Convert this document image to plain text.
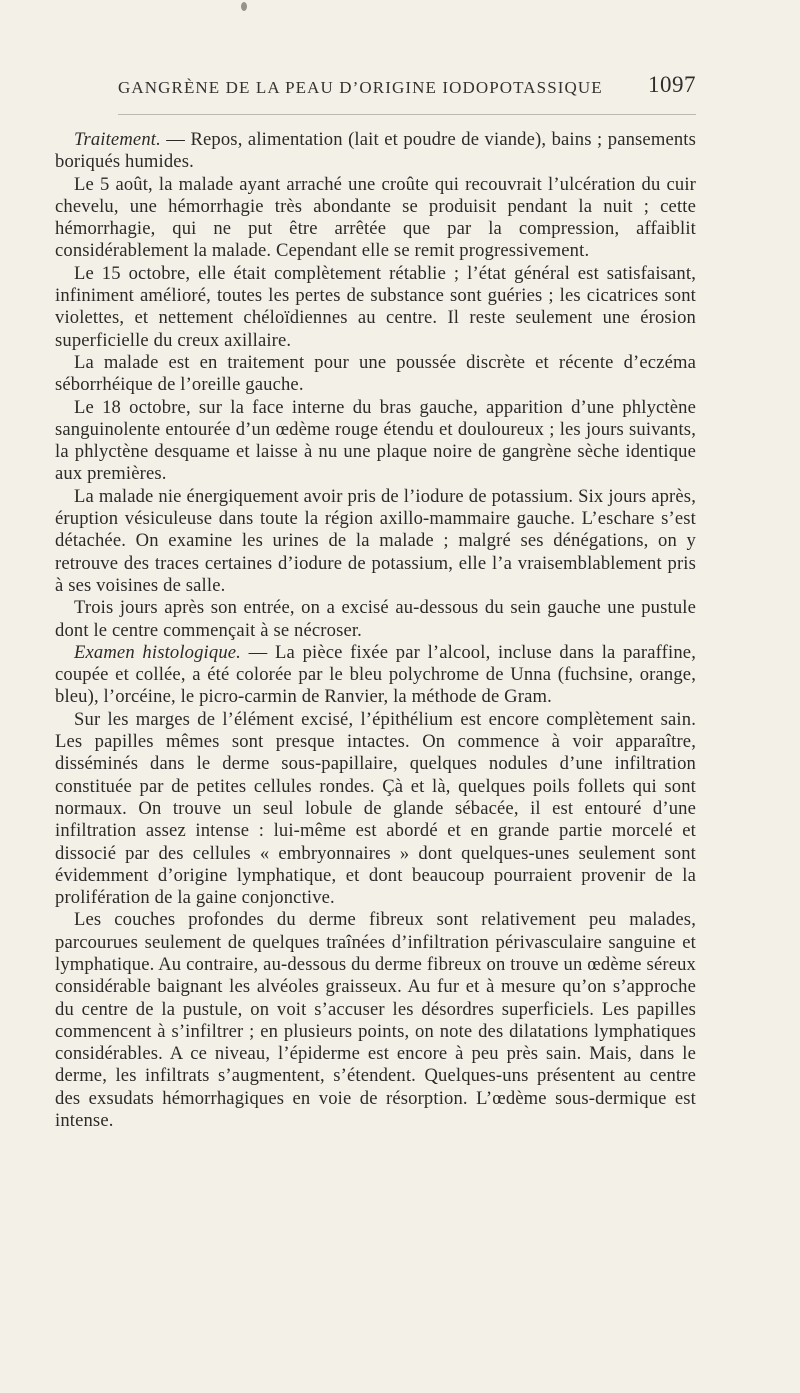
GANGRÈNE DE LA PEAU D’ORIGINE IODOPOTASSIQUE 1097

Traitement. — Repos, alimentation (lait et poudre de viande), bains ; pansements boriqués humides.

Le 5 août, la malade ayant arraché une croûte qui recouvrait l’ulcération du cuir chevelu, une hémorrhagie très abondante se produisit pendant la nuit ; cette hémorrhagie, qui ne put être arrêtée que par la compression, affaiblit considérablement la malade. Cependant elle se remit progressivement.

Le 15 octobre, elle était complètement rétablie ; l’état général est satisfaisant, infiniment amélioré, toutes les pertes de substance sont guéries ; les cicatrices sont violettes, et nettement chéloïdiennes au centre. Il reste seulement une érosion superficielle du creux axillaire.

La malade est en traitement pour une poussée discrète et récente d’eczéma séborrhéique de l’oreille gauche.

Le 18 octobre, sur la face interne du bras gauche, apparition d’une phlyctène sanguinolente entourée d’un œdème rouge étendu et douloureux ; les jours suivants, la phlyctène desquame et laisse à nu une plaque noire de gangrène sèche identique aux premières.

La malade nie énergiquement avoir pris de l’iodure de potassium. Six jours après, éruption vésiculeuse dans toute la région axillo-mammaire gauche. L’eschare s’est détachée. On examine les urines de la malade ; malgré ses dénégations, on y retrouve des traces certaines d’iodure de potassium, elle l’a vraisemblablement pris à ses voisines de salle.

Trois jours après son entrée, on a excisé au-dessous du sein gauche une pustule dont le centre commençait à se nécroser.

Examen histologique. — La pièce fixée par l’alcool, incluse dans la paraffine, coupée et collée, a été colorée par le bleu polychrome de Unna (fuchsine, orange, bleu), l’orcéine, le picro-carmin de Ranvier, la méthode de Gram.

Sur les marges de l’élément excisé, l’épithélium est encore complètement sain. Les papilles mêmes sont presque intactes. On commence à voir apparaître, disséminés dans le derme sous-papillaire, quelques nodules d’une infiltration constituée par de petites cellules rondes. Çà et là, quelques poils follets qui sont normaux. On trouve un seul lobule de glande sébacée, il est entouré d’une infiltration assez intense : lui-même est abordé et en grande partie morcelé et dissocié par des cellules « embryonnaires » dont quelques-unes seulement sont évidemment d’origine lymphatique, et dont beaucoup pourraient provenir de la prolifération de la gaine conjonctive.

Les couches profondes du derme fibreux sont relativement peu malades, parcourues seulement de quelques traînées d’infiltration périvasculaire sanguine et lymphatique. Au contraire, au-dessous du derme fibreux on trouve un œdème séreux considérable baignant les alvéoles graisseux. Au fur et à mesure qu’on s’approche du centre de la pustule, on voit s’accuser les désordres superficiels. Les papilles commencent à s’infiltrer ; en plusieurs points, on note des dilatations lymphatiques considérables. A ce niveau, l’épiderme est encore à peu près sain. Mais, dans le derme, les infiltrats s’augmentent, s’étendent. Quelques-uns présentent au centre des exsudats hémorrhagiques en voie de résorption. L’œdème sous-dermique est intense.
